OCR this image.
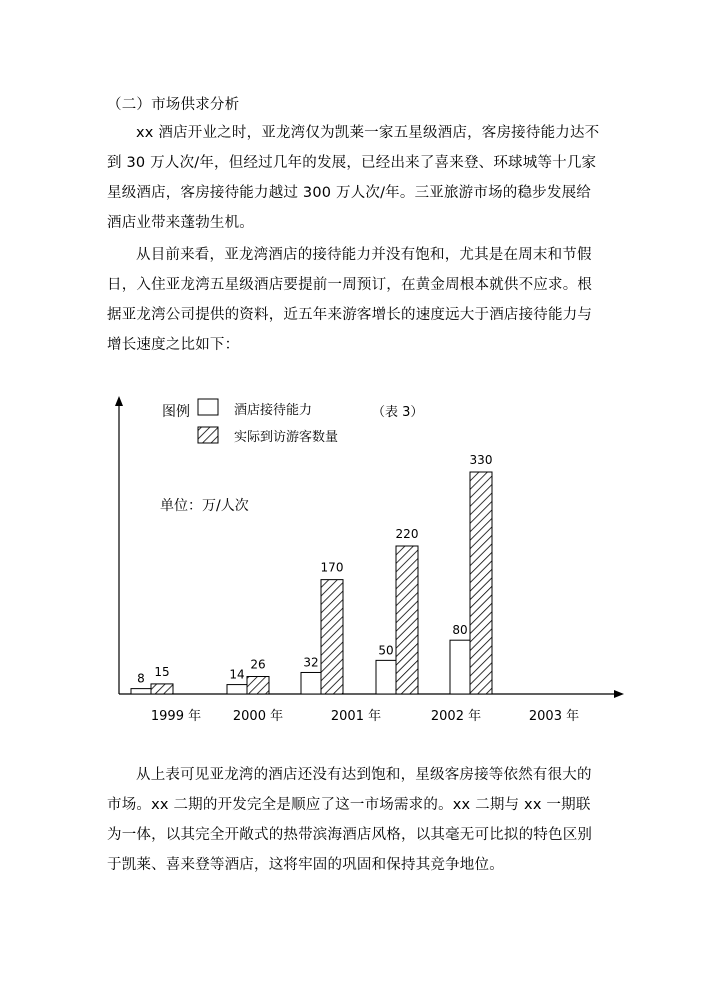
（二）市场供求分析

xx 酒店开业之时，亚龙湾仅为凯莱一家五星级酒店，客房接待能力达不到 30 万人次/年，但经过几年的发展，已经出来了喜来登、环球城等十几家星级酒店，客房接待能力越过 300 万人次/年。三亚旅游市场的稳步发展给酒店业带来蓬勃生机。

从目前来看，亚龙湾酒店的接待能力并没有饱和，尤其是在周末和节假日，入住亚龙湾五星级酒店要提前一周预订，在黄金周根本就供不应求。根据亚龙湾公司提供的资料，近五年来游客增长的速度远大于酒店接待能力与增长速度之比如下：

图例	酒店接待能力
实际到访游客数量
（表 3）
单位：万/人次
8 15	14
26	32
170
50
220
80
330
1999 年 2000 年	2001 年	2002 年	2003 年

从上表可见亚龙湾的酒店还没有达到饱和，星级客房接等依然有很大的市场。xx 二期的开发完全是顺应了这一市场需求的。xx 二期与 xx 一期联为一体，以其完全开敞式的热带滨海酒店风格，以其毫无可比拟的特色区别于凯莱、喜来登等酒店，这将牢固的巩固和保持其竞争地位。
